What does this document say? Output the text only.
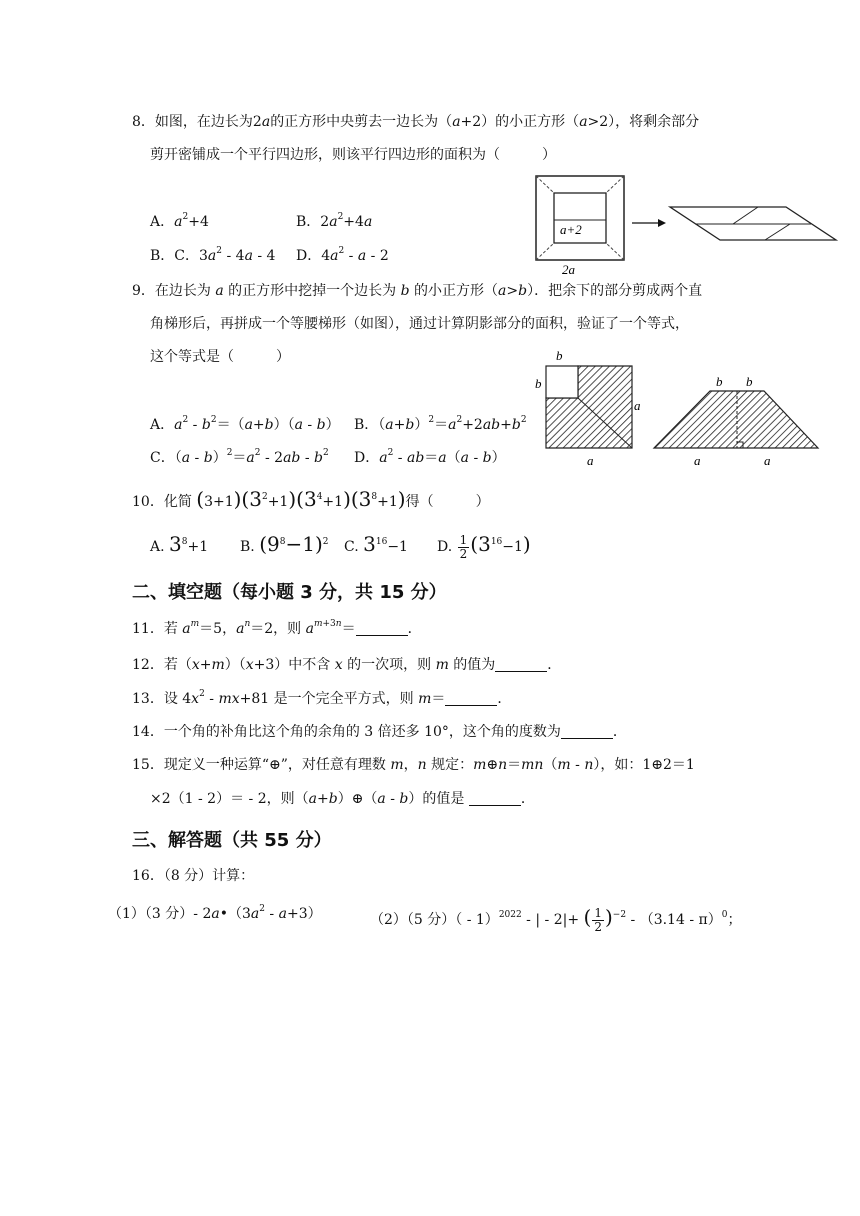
8．如图，在边长为2a的正方形中央剪去一边长为（a+2）的小正方形（a>2），将剩余部分
剪开密铺成一个平行四边形，则该平行四边形的面积为（　　　）
A．$a^2+4$	B．$2a^2+4a$
B．C．$3a^2 - 4a - 4$ D．$4a^2$ - a - 2
a+2
2a
9．在边长为 a 的正方形中挖掉一个边长为 b 的小正方形（a>b）．把余下的部分剪成两个直
角梯形后，再拼成一个等腰梯形（如图），通过计算阴影部分的面积，验证了一个等式，
这个等式是（　　　）
A．$a^2 - b^2=(a+b)(a - b)$ B．$(a+b)^2=a^2+2ab+b^2$
C．$(a - b)^2=a^2 - 2ab - b^2$ D．$a^2 - ab=a(a - b)$
b
b
a
a
b b
a	a
10．化简 $(3+1)(3^2+1)(3^4+1)(3^8+1)$得（　　　）
A. $3^8+1$ B. $(9^8-1)^2$ C. $3^{16}-1$ D. $\frac{1}{2} (3^{16}-1)$
二、填空题（每小题 3 分，共 15 分）
11．若 $a^m=5$，$a^n=2$，则 $a^{m+3n}=$	．
12．若（x+m）（x+3）中不含 x 的一次项，则 m 的值为	．
13．设 $4x^2 - mx+81$ 是一个完全平方式，则 m＝	．
14．一个角的补角比这个角的余角的 3 倍还多 10°，这个角的度数为	．
15．现定义一种运算“⊕”，对任意有理数 m，n 规定：m⊕n＝mn（m - n），如：1⊕2＝1
×2（1 - 2）＝ - 2，则（a+b）⊕（a - b）的值是	．
三、解答题（共 55 分）
16．（8 分）计算：
（1）（3 分）- $2a•(3a^2 - a+3)$	（2）（5 分）（ - 1）$^{2022}$ - | - 2|+ ( $\frac{1}{2} )^{-2} - (3.14 - \pi)^0$；
